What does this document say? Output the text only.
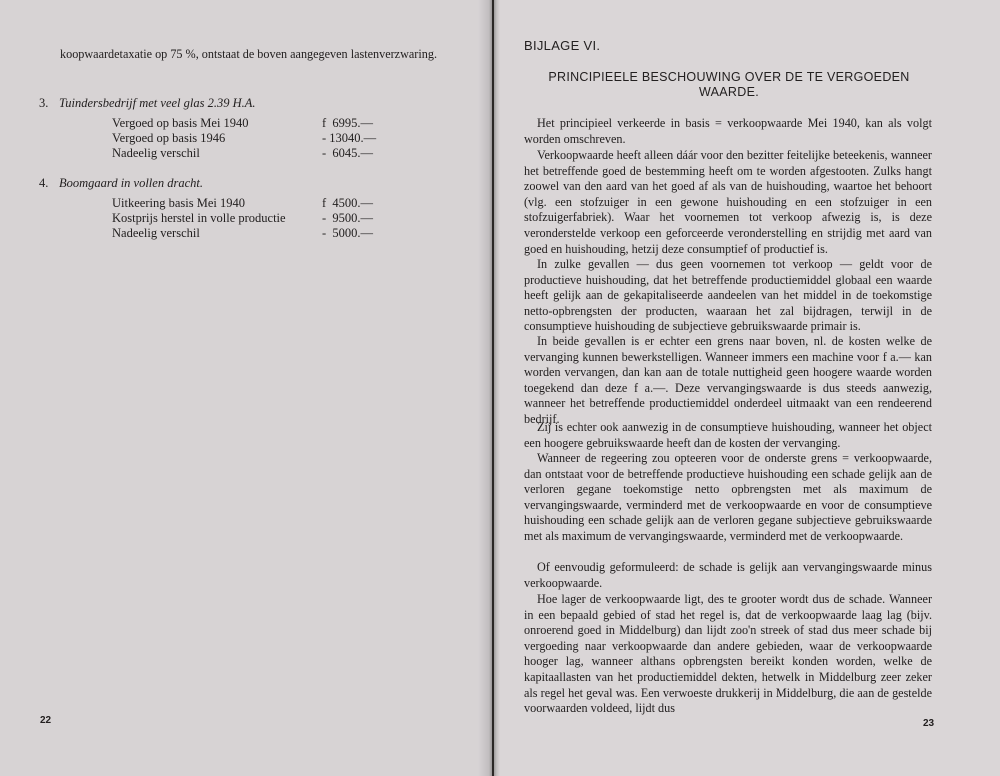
koopwaardetaxatie op 75 %, ontstaat de boven aangegeven lastenverzwaring.

3. Tuindersbedrijf met veel glas 2.39 H.A.
Vergoed op basis Mei 1940	f  6995.—
Vergoed op basis 1946	- 13040.—
Nadeelig verschil	-  6045.—
4. Boomgaard in vollen dracht.
Uitkeering basis Mei 1940	f  4500.—
Kostprijs herstel in volle productie	-  9500.—
Nadeelig verschil	-  5000.—
22
BIJLAGE VI.
PRINCIPIEELE BESCHOUWING OVER DE TE VERGOEDEN
WAARDE.

Het principieel verkeerde in basis = verkoopwaarde Mei 1940, kan als volgt worden omschreven.

Verkoopwaarde heeft alleen dáár voor den bezitter feitelijke beteekenis, wanneer het betreffende goed de bestemming heeft om te worden afgestooten. Zulks hangt zoowel van den aard van het goed af als van de huishouding, waartoe het behoort (vlg. een stofzuiger in een gewone huishouding en een stofzuiger in een stofzuigerfabriek). Waar het voornemen tot verkoop afwezig is, is deze veronderstelde verkoop een geforceerde veronderstelling en strijdig met aard van goed en huishouding, hetzij deze consumptief of productief is.

In zulke gevallen — dus geen voornemen tot verkoop — geldt voor de productieve huishouding, dat het betreffende productiemiddel globaal een waarde heeft gelijk aan de gekapitaliseerde aandeelen van het middel in de toekomstige netto-opbrengsten der producten, waaraan het zal bijdragen, terwijl in de consumptieve huishouding de subjectieve gebruikswaarde primair is.

In beide gevallen is er echter een grens naar boven, nl. de kosten welke de vervanging kunnen bewerkstelligen. Wanneer immers een machine voor f a.— kan worden vervangen, dan kan aan de totale nuttigheid geen hoogere waarde worden toegekend dan deze f a.—. Deze vervangingswaarde is dus steeds aanwezig, wanneer het betreffende productiemiddel onderdeel uitmaakt van een rendeerend bedrijf.

Zij is echter ook aanwezig in de consumptieve huishouding, wanneer het object een hoogere gebruikswaarde heeft dan de kosten der vervanging.

Wanneer de regeering zou opteeren voor de onderste grens = verkoopwaarde, dan ontstaat voor de betreffende productieve huishouding een schade gelijk aan de verloren gegane toekomstige netto opbrengsten met als maximum de vervangingswaarde, verminderd met de verkoopwaarde en voor de consumptieve huishouding een schade gelijk aan de verloren gegane subjectieve gebruikswaarde met als maximum de vervangingswaarde, verminderd met de verkoopwaarde.

Of eenvoudig geformuleerd: de schade is gelijk aan vervangingswaarde minus verkoopwaarde.

Hoe lager de verkoopwaarde ligt, des te grooter wordt dus de schade. Wanneer in een bepaald gebied of stad het regel is, dat de verkoopwaarde laag lag (bijv. onroerend goed in Middelburg) dan lijdt zoo'n streek of stad dus meer schade bij vergoeding naar verkoopwaarde dan andere gebieden, waar de verkoopwaarde hooger lag, wanneer althans opbrengsten bereikt konden worden, welke de kapitaallasten van het productiemiddel dekten, hetwelk in Middelburg zeer zeker als regel het geval was. Een verwoeste drukkerij in Middelburg, die aan de gestelde voorwaarden voldeed, lijdt dus

23
